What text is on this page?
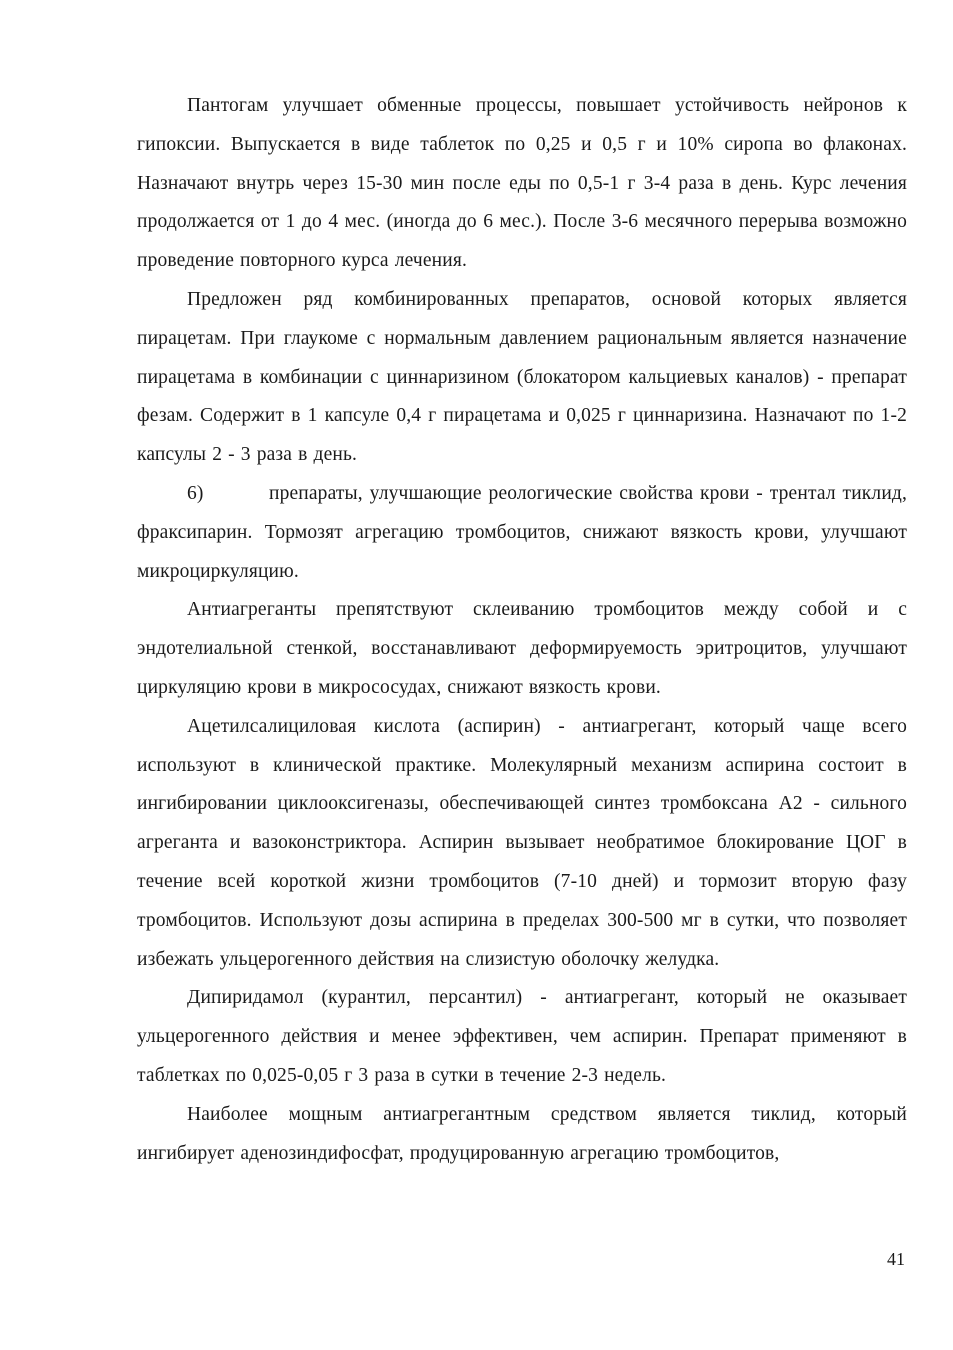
Пантогам улучшает обменные процессы, повышает устойчивость нейронов к гипоксии. Выпускается в виде таблеток по 0,25 и 0,5 г и 10% сиропа во флаконах. Назначают внутрь через 15-30 мин после еды по 0,5-1 г 3-4 раза в день. Курс лечения продолжается от 1 до 4 мес. (иногда до 6 мес.). После 3-6 месячного перерыва возможно проведение повторного курса лечения.

Предложен ряд комбинированных препаратов, основой которых является пирацетам. При глаукоме с нормальным давлением рациональным является назначение пирацетама в комбинации с циннаризином (блокатором кальциевых каналов) - препарат фезам. Содержит в 1 капсуле 0,4 г пирацетама и 0,025 г циннаризина. Назначают по 1-2 капсулы 2 - 3 раза в день.

6)	препараты, улучшающие реологические свойства крови - трентал тиклид, фраксипарин. Тормозят агрегацию тромбоцитов, снижают вязкость крови, улучшают микроциркуляцию.

Антиагреганты препятствуют склеиванию тромбоцитов между собой и с эндотелиальной стенкой, восстанавливают деформируемость эритроцитов, улучшают циркуляцию крови в микрососудах, снижают вязкость крови.

Ацетилсалициловая кислота (аспирин) - антиагрегант, который чаще всего используют в клинической практике. Молекулярный механизм аспирина состоит в ингибировании циклооксигеназы, обеспечивающей синтез тромбоксана А2 - сильного агреганта и вазоконстриктора. Аспирин вызывает необратимое блокирование ЦОГ в течение всей короткой жизни тромбоцитов (7-10 дней) и тормозит вторую фазу тромбоцитов. Используют дозы аспирина в пределах 300-500 мг в сутки, что позволяет избежать ульцерогенного действия на слизистую оболочку желудка.

Дипиридамол (курантил, персантил) - антиагрегант, который не оказывает ульцерогенного действия и менее эффективен, чем аспирин. Препарат применяют в таблетках по 0,025-0,05 г 3 раза в сутки в течение 2-3 недель.

Наиболее мощным антиагрегантным средством является тиклид, который ингибирует аденозиндифосфат, продуцированную агрегацию тромбоцитов,

41
